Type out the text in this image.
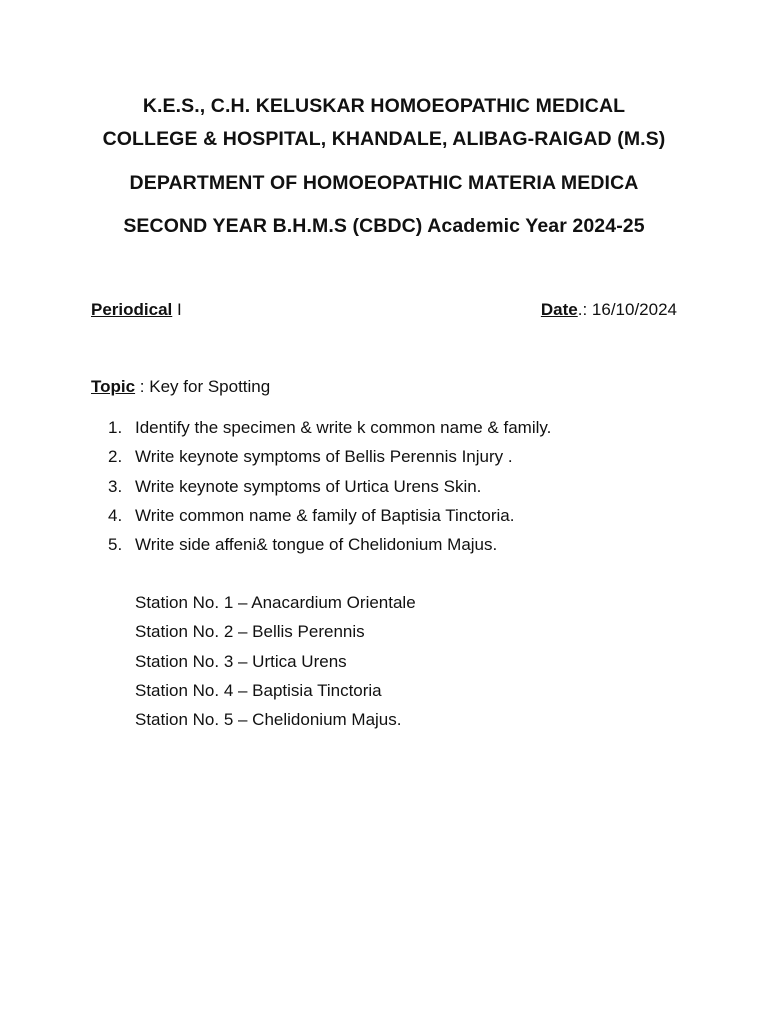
K.E.S., C.H. KELUSKAR HOMOEOPATHIC MEDICAL
COLLEGE & HOSPITAL, KHANDALE, ALIBAG-RAIGAD (M.S)
DEPARTMENT OF HOMOEOPATHIC MATERIA MEDICA
SECOND YEAR B.H.M.S (CBDC) Academic Year 2024-25
Periodical I	Date.: 16/10/2024
Topic : Key for Spotting
1. Identify the specimen & write k common name & family.
2. Write keynote symptoms of Bellis Perennis Injury .
3. Write keynote symptoms of Urtica Urens Skin.
4. Write common name & family of Baptisia Tinctoria.
5. Write side affeni& tongue of Chelidonium Majus.
Station No. 1 – Anacardium Orientale
Station No. 2 – Bellis Perennis
Station No. 3 – Urtica Urens
Station No. 4 – Baptisia Tinctoria
Station No. 5 – Chelidonium Majus.
